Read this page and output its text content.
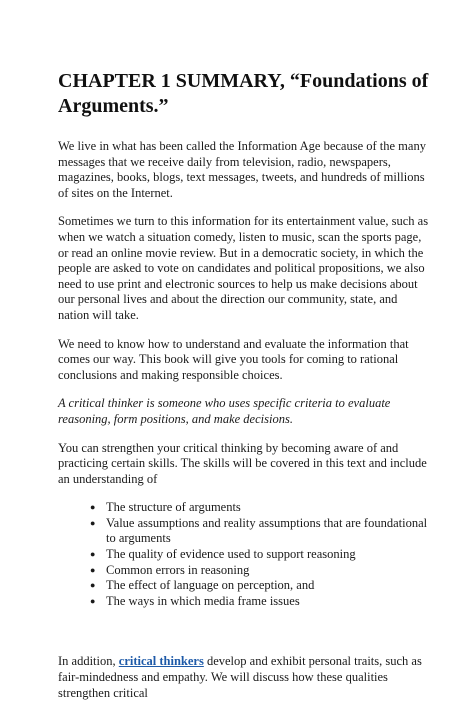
CHAPTER 1 SUMMARY, “Foundations of Arguments.”

We live in what has been called the Information Age because of the many messages that we receive daily from television, radio, newspapers, magazines, books, blogs, text messages, tweets, and hundreds of millions of sites on the Internet.

Sometimes we turn to this information for its entertainment value, such as when we watch a situation comedy, listen to music, scan the sports page, or read an online movie review. But in a democratic society, in which the people are asked to vote on candidates and political propositions, we also need to use print and electronic sources to help us make decisions about our personal lives and about the direction our community, state, and nation will take.

We need to know how to understand and evaluate the information that comes our way. This book will give you tools for coming to rational conclusions and making responsible choices.

A critical thinker is someone who uses specific criteria to evaluate reasoning, form positions, and make decisions.

You can strengthen your critical thinking by becoming aware of and practicing certain skills. The skills will be covered in this text and include an understanding of

● The structure of arguments
● Value assumptions and reality assumptions that are foundational to arguments
● The quality of evidence used to support reasoning
● Common errors in reasoning
● The effect of language on perception, and
● The ways in which media frame issues

In addition, critical thinkers develop and exhibit personal traits, such as fair-mindedness and empathy. We will discuss how these qualities strengthen critical
